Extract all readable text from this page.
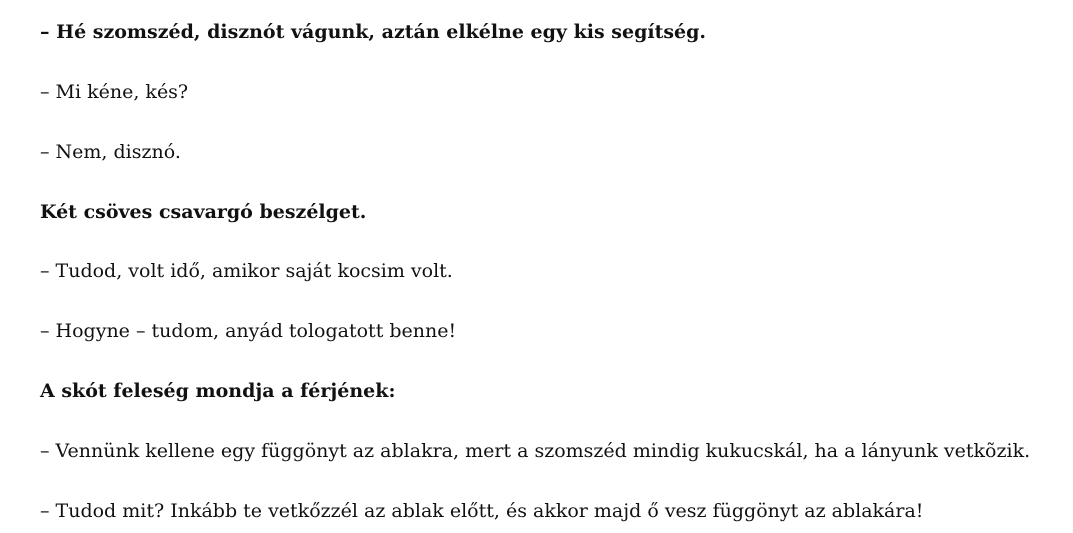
– Hé szomszéd, disznót vágunk, aztán elkélne egy kis segítség.

– Mi kéne, kés?

– Nem, disznó.

Két csöves csavargó beszélget.

– Tudod, volt idő, amikor saját kocsim volt.

– Hogyne – tudom, anyád tologatott benne!

A skót feleség mondja a férjének:

– Vennünk kellene egy függönyt az ablakra, mert a szomszéd mindig kukucskál, ha a lányunk vetkõzik.

– Tudod mit? Inkább te vetkőzzél az ablak előtt, és akkor majd ő vesz függönyt az ablakára!
